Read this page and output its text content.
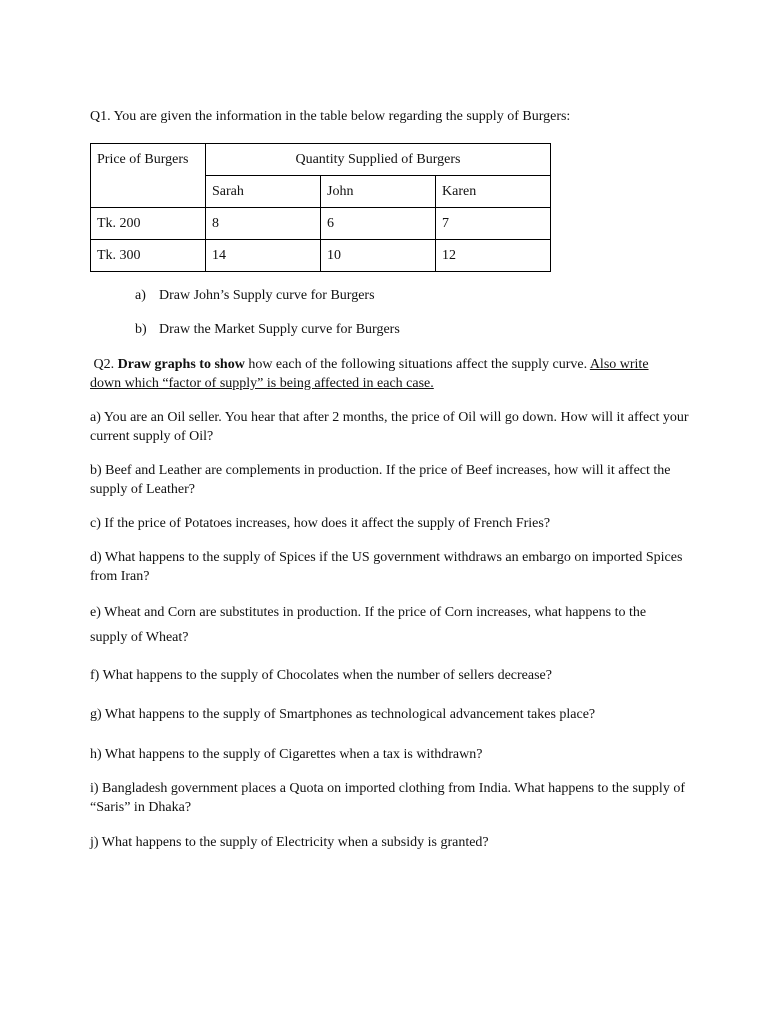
Q1. You are given the information in the table below regarding the supply of Burgers:

Price of Burgers	Quantity Supplied of Burgers		
	Sarah	John	Karen
Tk. 200	8	6	7
Tk. 300	14	10	12

a) Draw John’s Supply curve for Burgers

b) Draw the Market Supply curve for Burgers

Q2. Draw graphs to show how each of the following situations affect the supply curve. Also write down which “factor of supply” is being affected in each case.

a) You are an Oil seller. You hear that after 2 months, the price of Oil will go down. How will it affect your current supply of Oil?

b) Beef and Leather are complements in production. If the price of Beef increases, how will it affect the supply of Leather?

c) If the price of Potatoes increases, how does it affect the supply of French Fries?

d) What happens to the supply of Spices if the US government withdraws an embargo on imported Spices from Iran?

e) Wheat and Corn are substitutes in production. If the price of Corn increases, what happens to the supply of Wheat?

f) What happens to the supply of Chocolates when the number of sellers decrease?

g) What happens to the supply of Smartphones as technological advancement takes place?

h) What happens to the supply of Cigarettes when a tax is withdrawn?

i) Bangladesh government places a Quota on imported clothing from India. What happens to the supply of “Saris” in Dhaka?

j) What happens to the supply of Electricity when a subsidy is granted?
